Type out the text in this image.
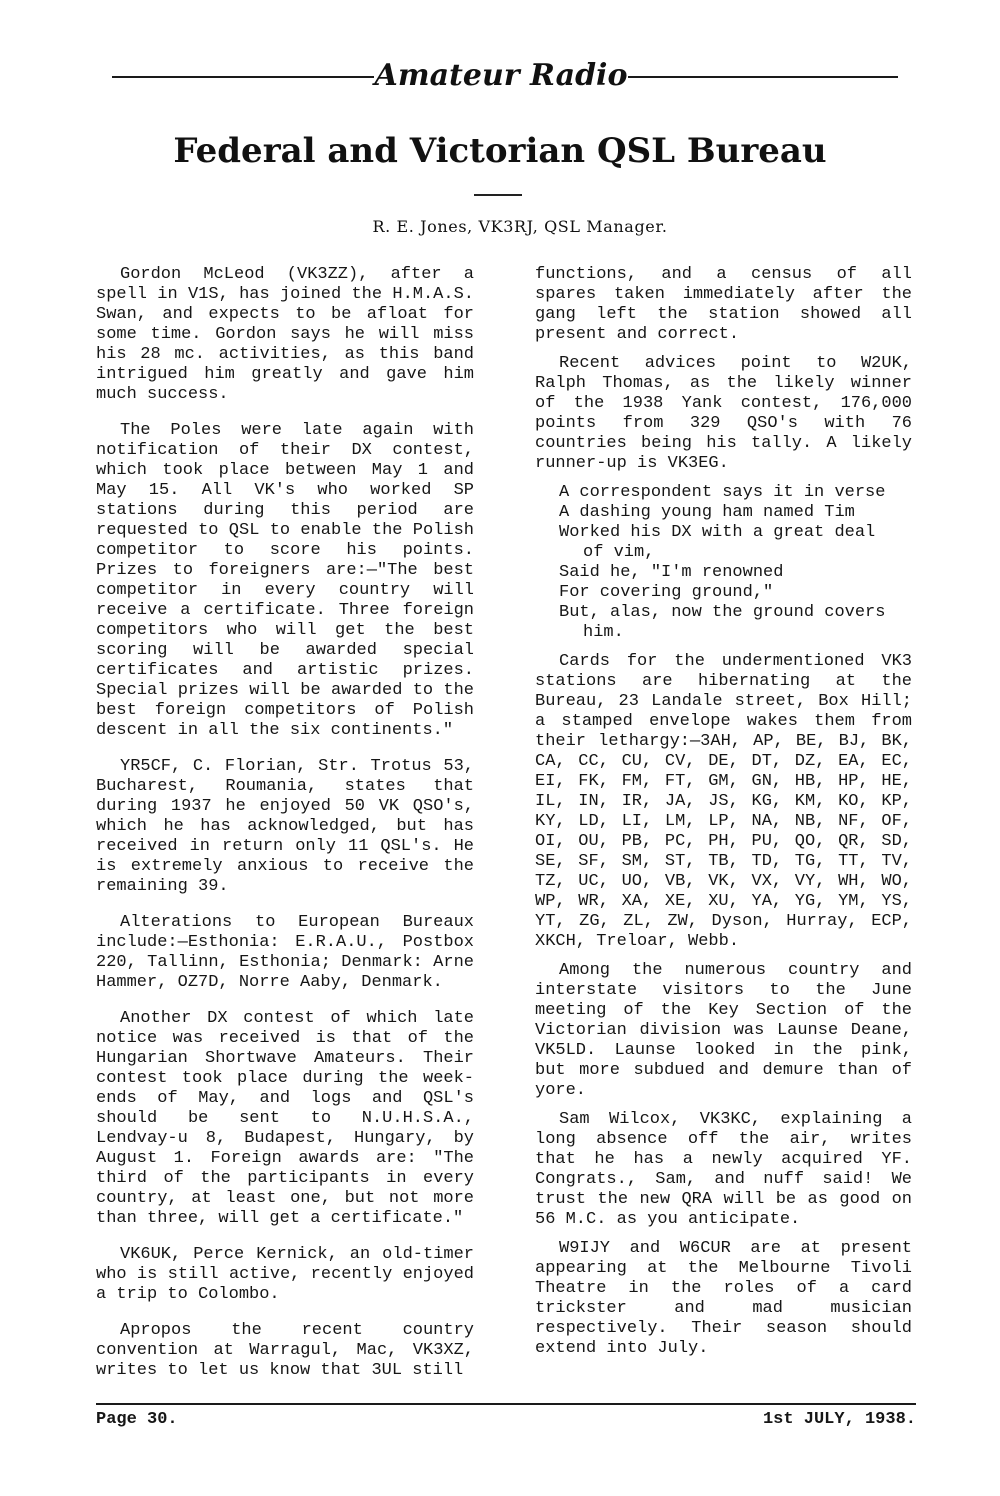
Amateur Radio
Federal and Victorian QSL Bureau
R. E. Jones, VK3RJ, QSL Manager.

Gordon McLeod (VK3ZZ), after a spell in V1S, has joined the H.M.A.S. Swan, and expects to be afloat for some time. Gordon says he will miss his 28 mc. activities, as this band intrigued him greatly and gave him much success.

The Poles were late again with notification of their DX contest, which took place between May 1 and May 15. All VK's who worked SP stations during this period are requested to QSL to enable the Polish competitor to score his points. Prizes to foreigners are:—"The best competitor in every country will receive a certificate. Three foreign competitors who will get the best scoring will be awarded special certificates and artistic prizes. Special prizes will be awarded to the best foreign competitors of Polish descent in all the six continents."

YR5CF, C. Florian, Str. Trotus 53, Bucharest, Roumania, states that during 1937 he enjoyed 50 VK QSO's, which he has acknowledged, but has received in return only 11 QSL's. He is extremely anxious to receive the remaining 39.

Alterations to European Bureaux include:—Esthonia: E.R.A.U., Postbox 220, Tallinn, Esthonia; Denmark: Arne Hammer, OZ7D, Norre Aaby, Denmark.

Another DX contest of which late notice was received is that of the Hungarian Shortwave Amateurs. Their contest took place during the week-ends of May, and logs and QSL's should be sent to N.U.H.S.A., Lendvay-u 8, Budapest, Hungary, by August 1. Foreign awards are: "The third of the participants in every country, at least one, but not more than three, will get a certificate."

VK6UK, Perce Kernick, an old-timer who is still active, recently enjoyed a trip to Colombo.

Apropos the recent country convention at Warragul, Mac, VK3XZ, writes to let us know that 3UL still

functions, and a census of all spares taken immediately after the gang left the station showed all present and correct.

Recent advices point to W2UK, Ralph Thomas, as the likely winner of the 1938 Yank contest, 176,000 points from 329 QSO's with 76 countries being his tally. A likely runner-up is VK3EG.

A correspondent says it in verse
A dashing young ham named Tim
Worked his DX with a great deal
of vim,
Said he, "I'm renowned
For covering ground,"
But, alas, now the ground covers
him.

Cards for the undermentioned VK3 stations are hibernating at the Bureau, 23 Landale street, Box Hill; a stamped envelope wakes them from their lethargy:—3AH, AP, BE, BJ, BK, CA, CC, CU, CV, DE, DT, DZ, EA, EC, EI, FK, FM, FT, GM, GN, HB, HP, HE, IL, IN, IR, JA, JS, KG, KM, KO, KP, KY, LD, LI, LM, LP, NA, NB, NF, OF, OI, OU, PB, PC, PH, PU, QO, QR, SD, SE, SF, SM, ST, TB, TD, TG, TT, TV, TZ, UC, UO, VB, VK, VX, VY, WH, WO, WP, WR, XA, XE, XU, YA, YG, YM, YS, YT, ZG, ZL, ZW, Dyson, Hurray, ECP, XKCH, Treloar, Webb.

Among the numerous country and interstate visitors to the June meeting of the Key Section of the Victorian division was Launse Deane, VK5LD. Launse looked in the pink, but more subdued and demure than of yore.

Sam Wilcox, VK3KC, explaining a long absence off the air, writes that he has a newly acquired YF. Congrats., Sam, and nuff said! We trust the new QRA will be as good on 56 M.C. as you anticipate.

W9IJY and W6CUR are at present appearing at the Melbourne Tivoli Theatre in the roles of a card trickster and mad musician respectively. Their season should extend into July.

Page 30.	1st JULY, 1938.
